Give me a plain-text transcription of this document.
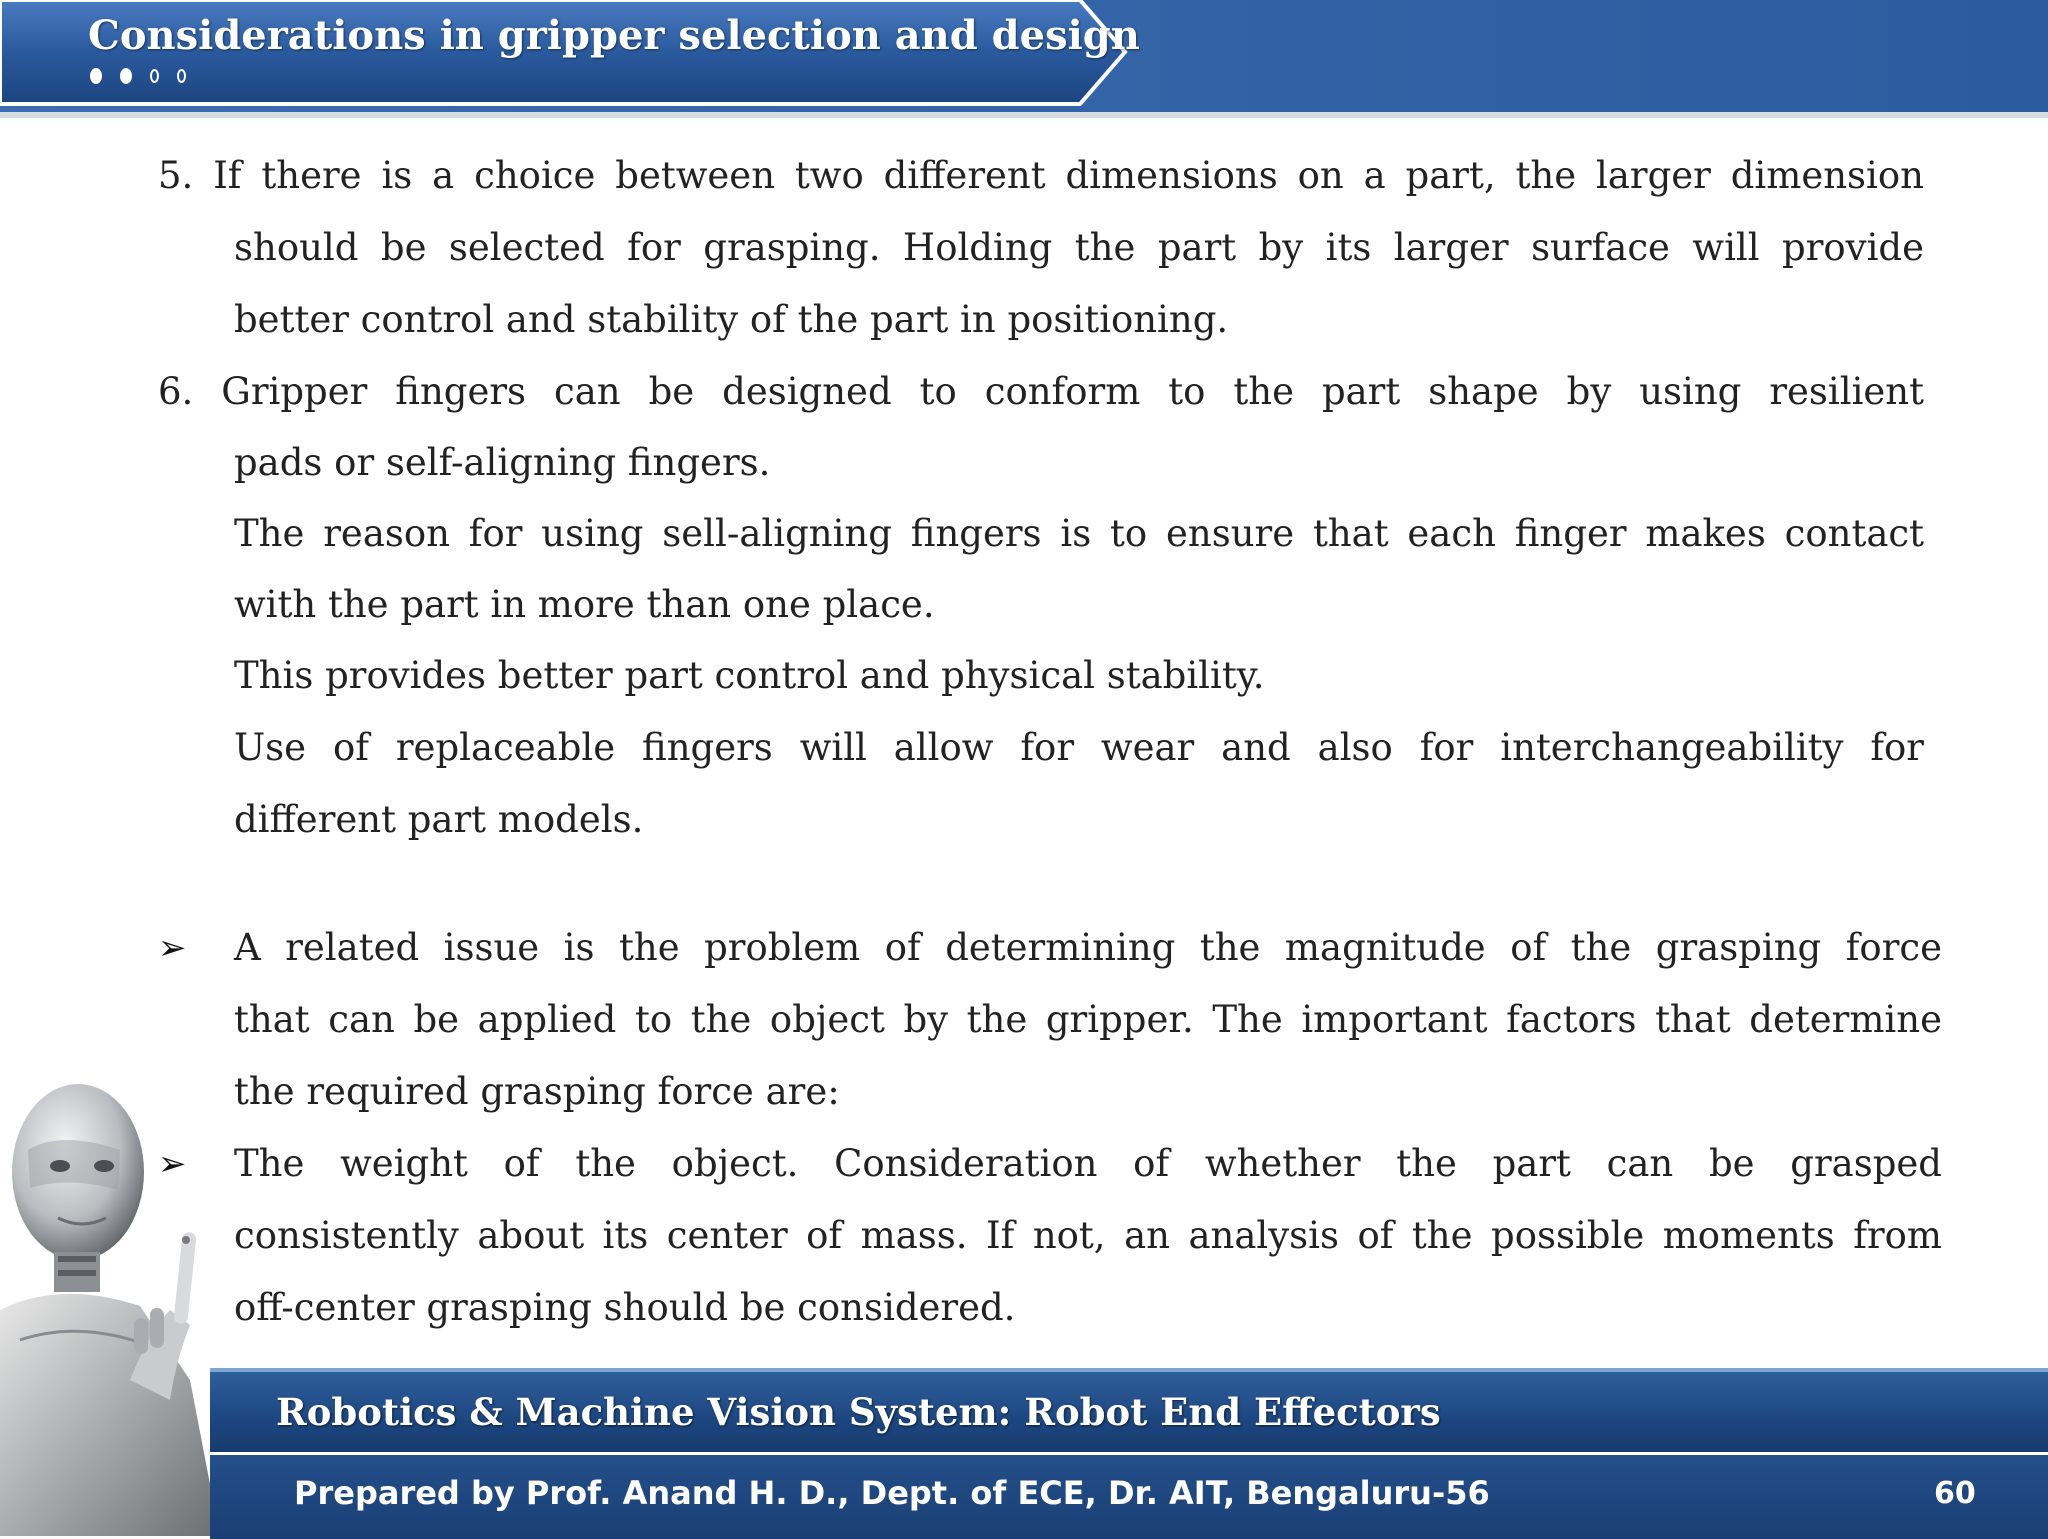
Considerations in gripper selection and design
5. If there is a choice between two different dimensions on a part, the larger dimension
should be selected for grasping. Holding the part by its larger surface will provide
better control and stability of the part in positioning.
6. Gripper fingers can be designed to conform to the part shape by using resilient
pads or self-aligning fingers.
The reason for using sell-aligning fingers is to ensure that each finger makes contact
with the part in more than one place.
This provides better part control and physical stability.
Use of replaceable fingers will allow for wear and also for interchangeability for
different part models.
➢ A related issue is the problem of determining the magnitude of the grasping force
that can be applied to the object by the gripper. The important factors that determine
the required grasping force are:
➢ The weight of the object. Consideration of whether the part can be grasped
consistently about its center of mass. If not, an analysis of the possible moments from
off-center grasping should be considered.
Robotics & Machine Vision System: Robot End Effectors
Prepared by Prof. Anand H. D., Dept. of ECE, Dr. AIT, Bengaluru-56	60
